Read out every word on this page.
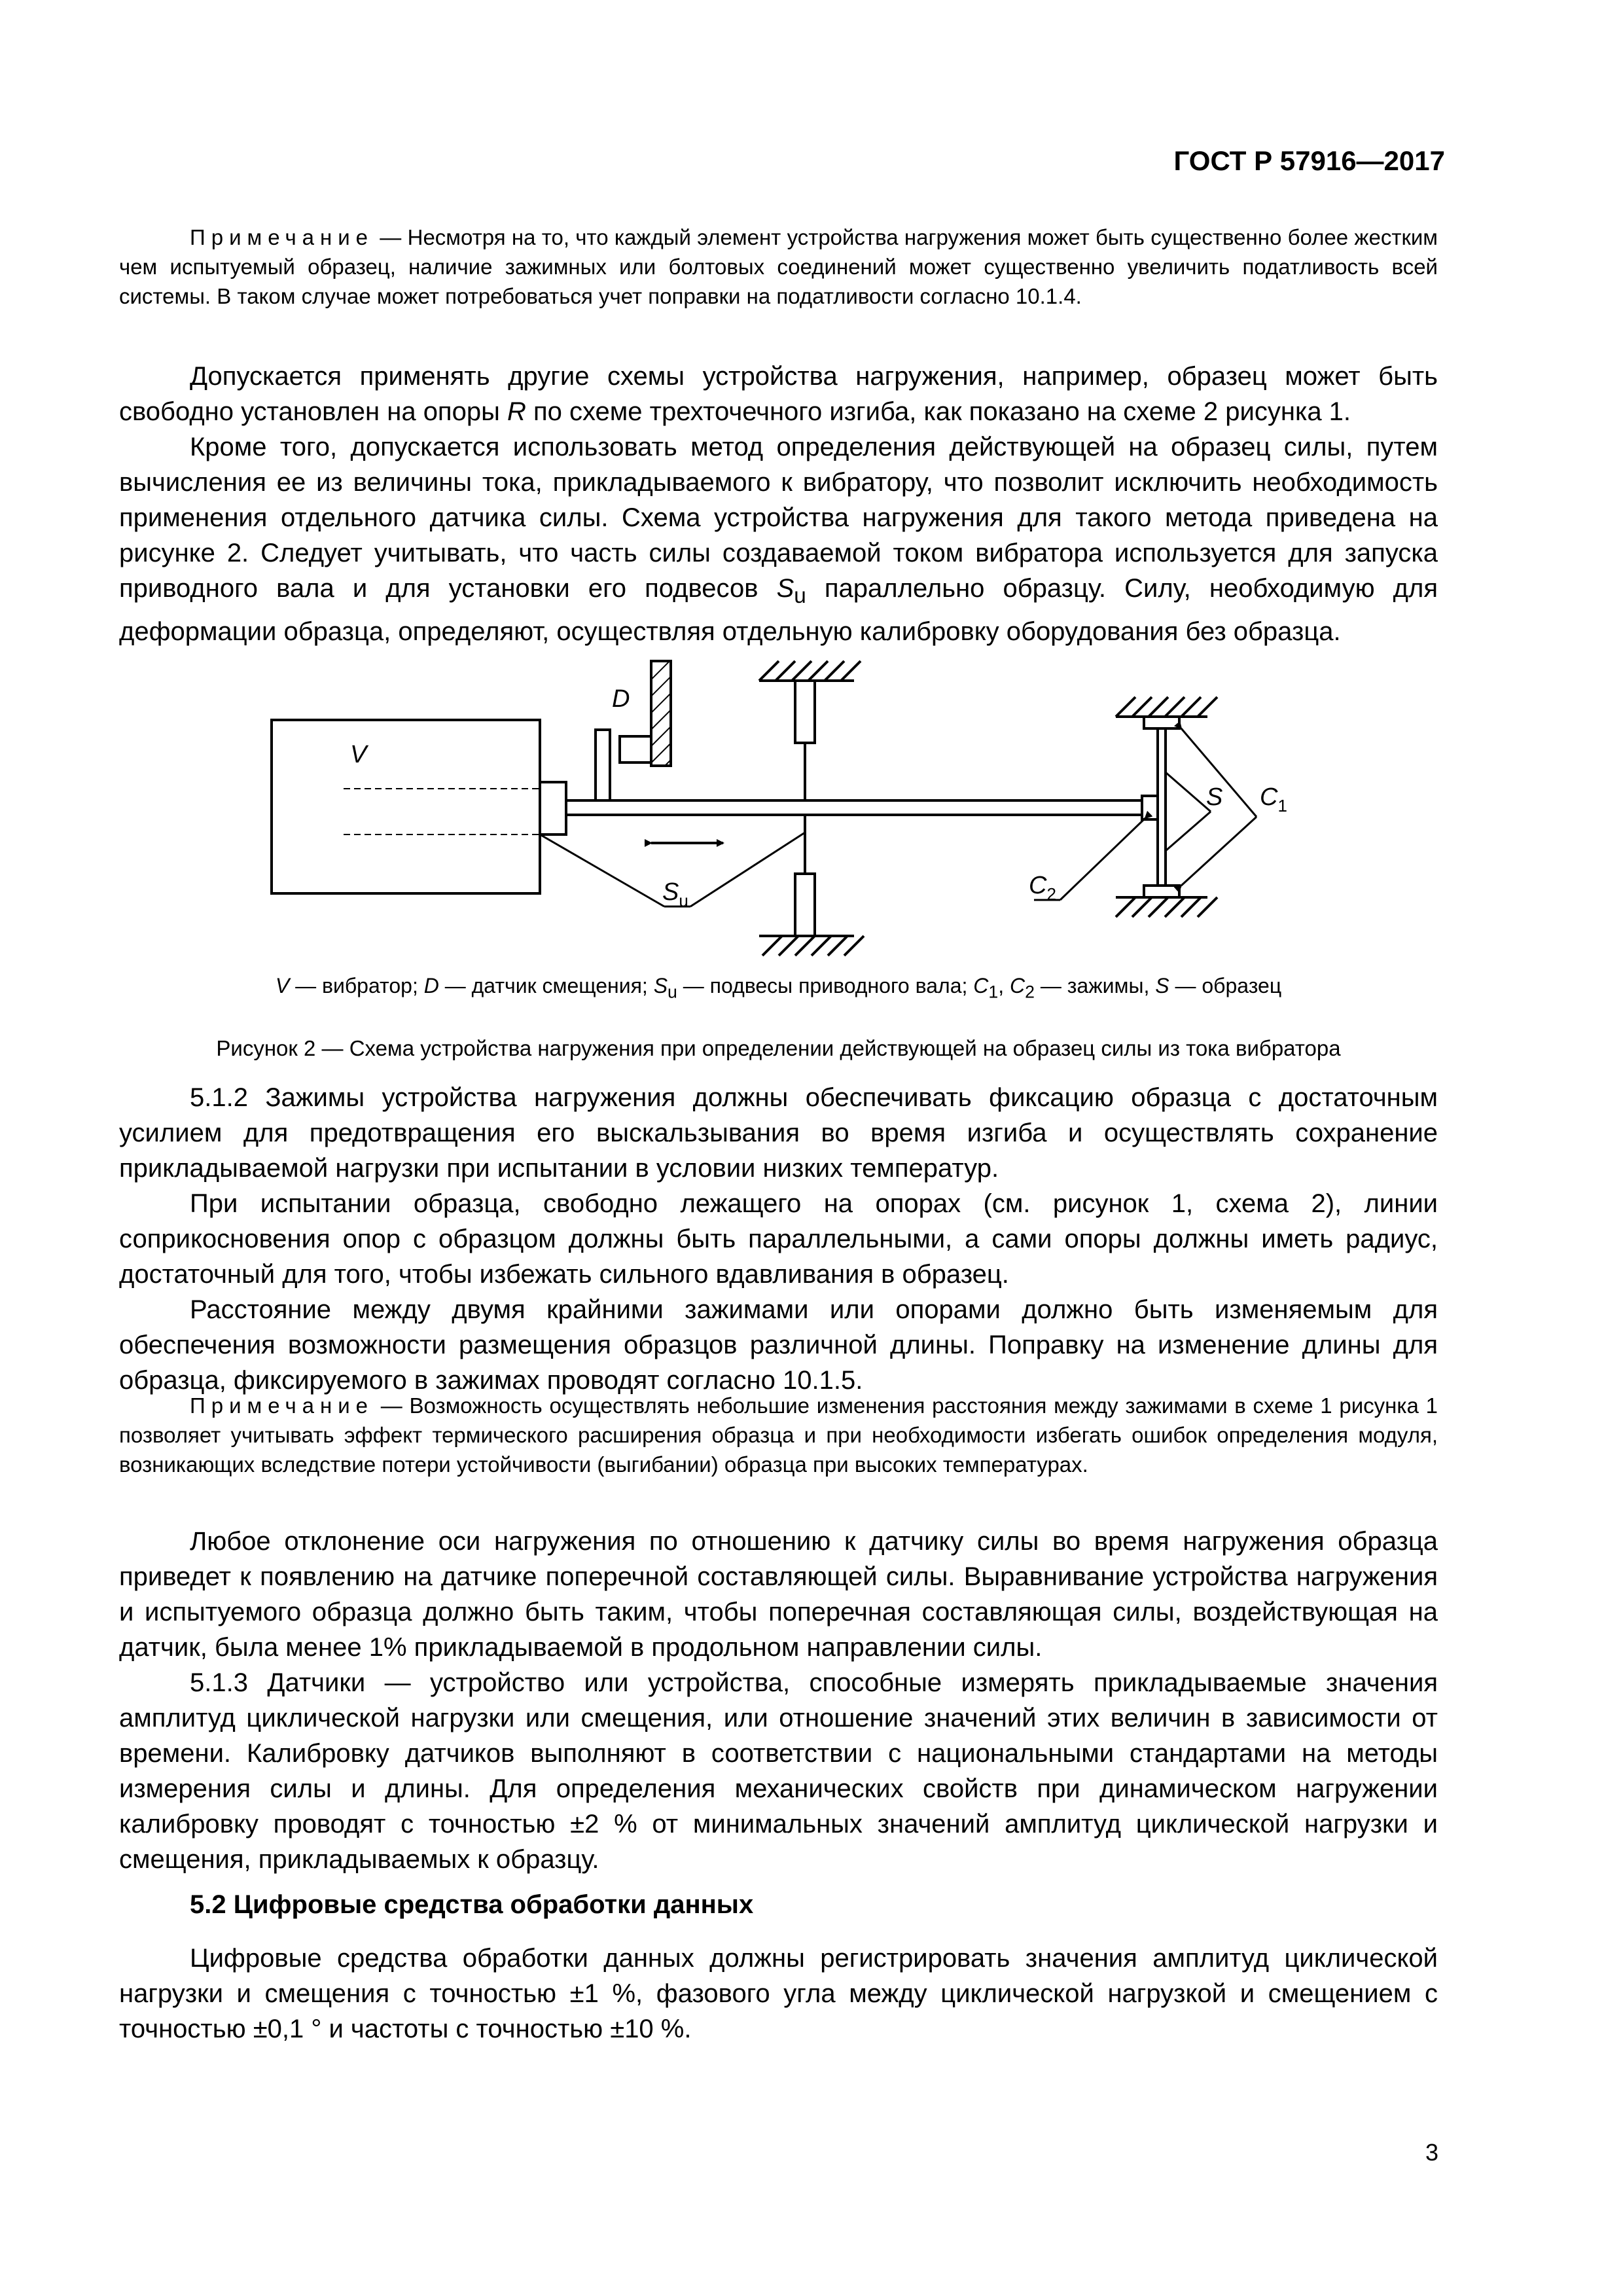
ГОСТ Р 57916—2017

Примечание — Несмотря на то, что каждый элемент устройства нагружения может быть существенно более жестким чем испытуемый образец, наличие зажимных или болтовых соединений может существенно увеличить податливость всей системы. В таком случае может потребоваться учет поправки на податливости согласно 10.1.4.

Допускается применять другие схемы устройства нагружения, например, образец может быть свободно установлен на опоры R по схеме трехточечного изгиба, как показано на схеме 2 рисунка 1.

Кроме того, допускается использовать метод определения действующей на образец силы, путем вычисления ее из величины тока, прикладываемого к вибратору, что позволит исключить необходимость применения отдельного датчика силы. Схема устройства нагружения для такого метода приведена на рисунке 2. Следует учитывать, что часть силы создаваемой током вибратора используется для запуска приводного вала и для установки его подвесов $S_u$ параллельно образцу. Силу, необходимую для деформации образца, определяют, осуществляя отдельную калибровку оборудования без образца.

V
D
$S_u$
$C_1$
S
$C_2$
V — вибратор; D — датчик смещения; $S_u$ — подвесы приводного вала; $C_1$, $C_2$ — зажимы, S — образец
Рисунок 2 — Схема устройства нагружения при определении действующей на образец силы из тока вибратора

5.1.2 Зажимы устройства нагружения должны обеспечивать фиксацию образца с достаточным усилием для предотвращения его выскальзывания во время изгиба и осуществлять сохранение прикладываемой нагрузки при испытании в условии низких температур.

При испытании образца, свободно лежащего на опорах (см. рисунок 1, схема 2), линии соприкосновения опор с образцом должны быть параллельными, а сами опоры должны иметь радиус, достаточный для того, чтобы избежать сильного вдавливания в образец.

Расстояние между двумя крайними зажимами или опорами должно быть изменяемым для обеспечения возможности размещения образцов различной длины. Поправку на изменение длины для образца, фиксируемого в зажимах проводят согласно 10.1.5.

Примечание — Возможность осуществлять небольшие изменения расстояния между зажимами в схеме 1 рисунка 1 позволяет учитывать эффект термического расширения образца и при необходимости избегать ошибок определения модуля, возникающих вследствие потери устойчивости (выгибании) образца при высоких температурах.

Любое отклонение оси нагружения по отношению к датчику силы во время нагружения образца приведет к появлению на датчике поперечной составляющей силы. Выравнивание устройства нагружения и испытуемого образца должно быть таким, чтобы поперечная составляющая силы, воздействующая на датчик, была менее 1% прикладываемой в продольном направлении силы.

5.1.3 Датчики — устройство или устройства, способные измерять прикладываемые значения амплитуд циклической нагрузки или смещения, или отношение значений этих величин в зависимости от времени. Калибровку датчиков выполняют в соответствии с национальными стандартами на методы измерения силы и длины. Для определения механических свойств при динамическом нагружении калибровку проводят с точностью ±2 % от минимальных значений амплитуд циклической нагрузки и смещения, прикладываемых к образцу.

5.2 Цифровые средства обработки данных

Цифровые средства обработки данных должны регистрировать значения амплитуд циклической нагрузки и смещения с точностью ±1 %, фазового угла между циклической нагрузкой и смещением с точностью ±0,1 ° и частоты с точностью ±10 %.

3
